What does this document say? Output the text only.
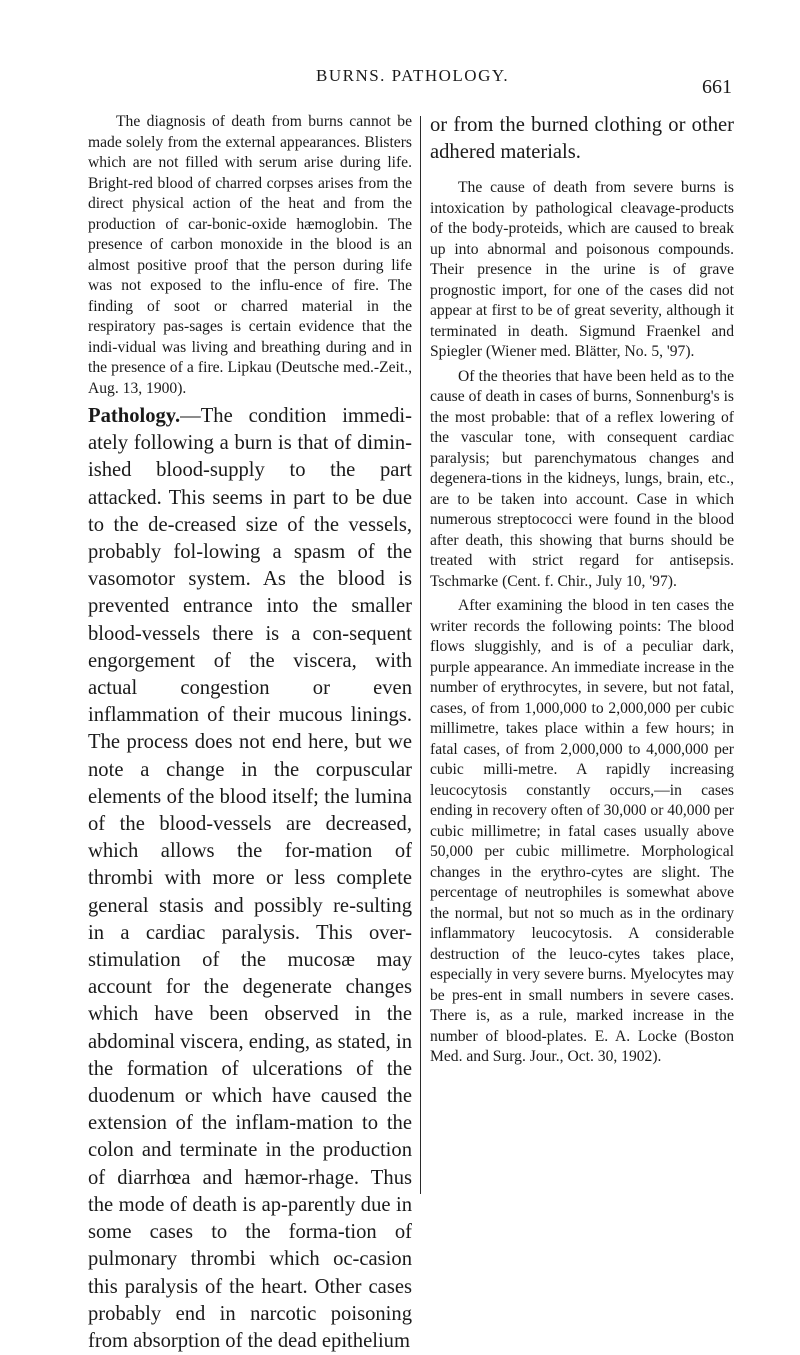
BURNS. PATHOLOGY.
661

The diagnosis of death from burns cannot be made solely from the external appearances. Blisters which are not filled with serum arise during life. Bright-red blood of charred corpses arises from the direct physical action of the heat and from the production of car-bonic-oxide hæmoglobin. The presence of carbon monoxide in the blood is an almost positive proof that the person during life was not exposed to the influ-ence of fire. The finding of soot or charred material in the respiratory pas-sages is certain evidence that the indi-vidual was living and breathing during and in the presence of a fire. Lipkau (Deutsche med.-Zeit., Aug. 13, 1900).

Pathology.—The condition immedi-ately following a burn is that of dimin-ished blood-supply to the part attacked. This seems in part to be due to the de-creased size of the vessels, probably fol-lowing a spasm of the vasomotor system. As the blood is prevented entrance into the smaller blood-vessels there is a con-sequent engorgement of the viscera, with actual congestion or even inflammation of their mucous linings. The process does not end here, but we note a change in the corpuscular elements of the blood itself; the lumina of the blood-vessels are decreased, which allows the for-mation of thrombi with more or less complete general stasis and possibly re-sulting in a cardiac paralysis. This over-stimulation of the mucosæ may account for the degenerate changes which have been observed in the abdominal viscera, ending, as stated, in the formation of ulcerations of the duodenum or which have caused the extension of the inflam-mation to the colon and terminate in the production of diarrhœa and hæmor-rhage. Thus the mode of death is ap-parently due in some cases to the forma-tion of pulmonary thrombi which oc-casion this paralysis of the heart. Other cases probably end in narcotic poisoning from absorption of the dead epithelium

or from the burned clothing or other adhered materials.

The cause of death from severe burns is intoxication by pathological cleavage-products of the body-proteids, which are caused to break up into abnormal and poisonous compounds. Their presence in the urine is of grave prognostic import, for one of the cases did not appear at first to be of great severity, although it terminated in death. Sigmund Fraenkel and Spiegler (Wiener med. Blätter, No. 5, '97).

Of the theories that have been held as to the cause of death in cases of burns, Sonnenburg's is the most probable: that of a reflex lowering of the vascular tone, with consequent cardiac paralysis; but parenchymatous changes and degenera-tions in the kidneys, lungs, brain, etc., are to be taken into account. Case in which numerous streptococci were found in the blood after death, this showing that burns should be treated with strict regard for antisepsis. Tschmarke (Cent. f. Chir., July 10, '97).

After examining the blood in ten cases the writer records the following points: The blood flows sluggishly, and is of a peculiar dark, purple appearance. An immediate increase in the number of erythrocytes, in severe, but not fatal, cases, of from 1,000,000 to 2,000,000 per cubic millimetre, takes place within a few hours; in fatal cases, of from 2,000,000 to 4,000,000 per cubic milli-metre. A rapidly increasing leucocytosis constantly occurs,—in cases ending in recovery often of 30,000 or 40,000 per cubic millimetre; in fatal cases usually above 50,000 per cubic millimetre. Morphological changes in the erythro-cytes are slight. The percentage of neutrophiles is somewhat above the normal, but not so much as in the ordinary inflammatory leucocytosis. A considerable destruction of the leuco-cytes takes place, especially in very severe burns. Myelocytes may be pres-ent in small numbers in severe cases. There is, as a rule, marked increase in the number of blood-plates. E. A. Locke (Boston Med. and Surg. Jour., Oct. 30, 1902).
